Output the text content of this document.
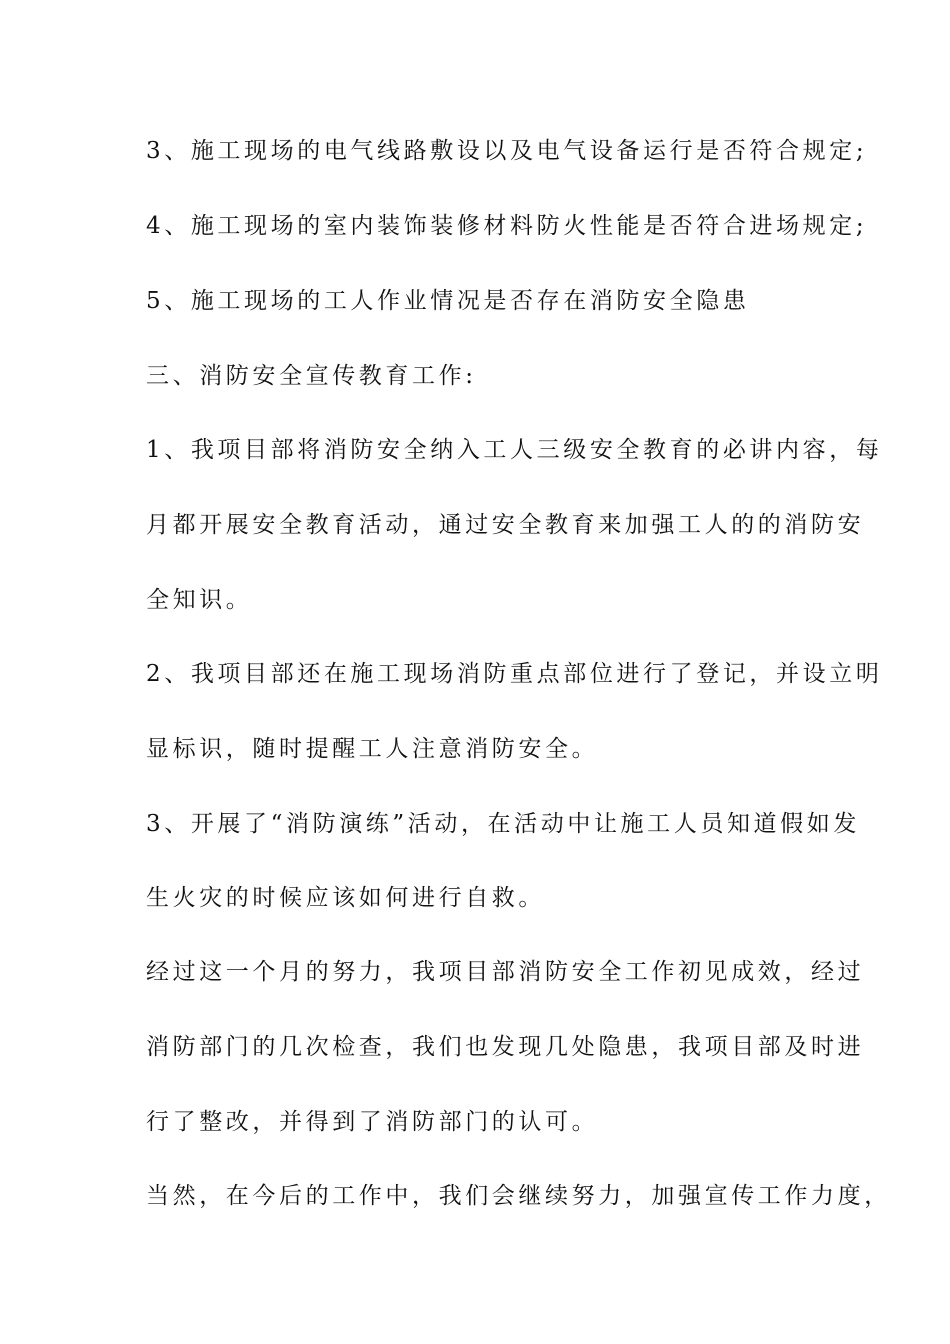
3、施工现场的电气线路敷设以及电气设备运行是否符合规定;
4、施工现场的室内装饰装修材料防火性能是否符合进场规定;
5、施工现场的工人作业情况是否存在消防安全隐患
三、消防安全宣传教育工作:
1、我项目部将消防安全纳入工人三级安全教育的必讲内容，每
月都开展安全教育活动，通过安全教育来加强工人的的消防安
全知识。
2、我项目部还在施工现场消防重点部位进行了登记，并设立明
显标识，随时提醒工人注意消防安全。
3、开展了“消防演练”活动，在活动中让施工人员知道假如发
生火灾的时候应该如何进行自救。
经过这一个月的努力，我项目部消防安全工作初见成效，经过
消防部门的几次检查，我们也发现几处隐患，我项目部及时进
行了整改，并得到了消防部门的认可。
当然，在今后的工作中，我们会继续努力，加强宣传工作力度，
